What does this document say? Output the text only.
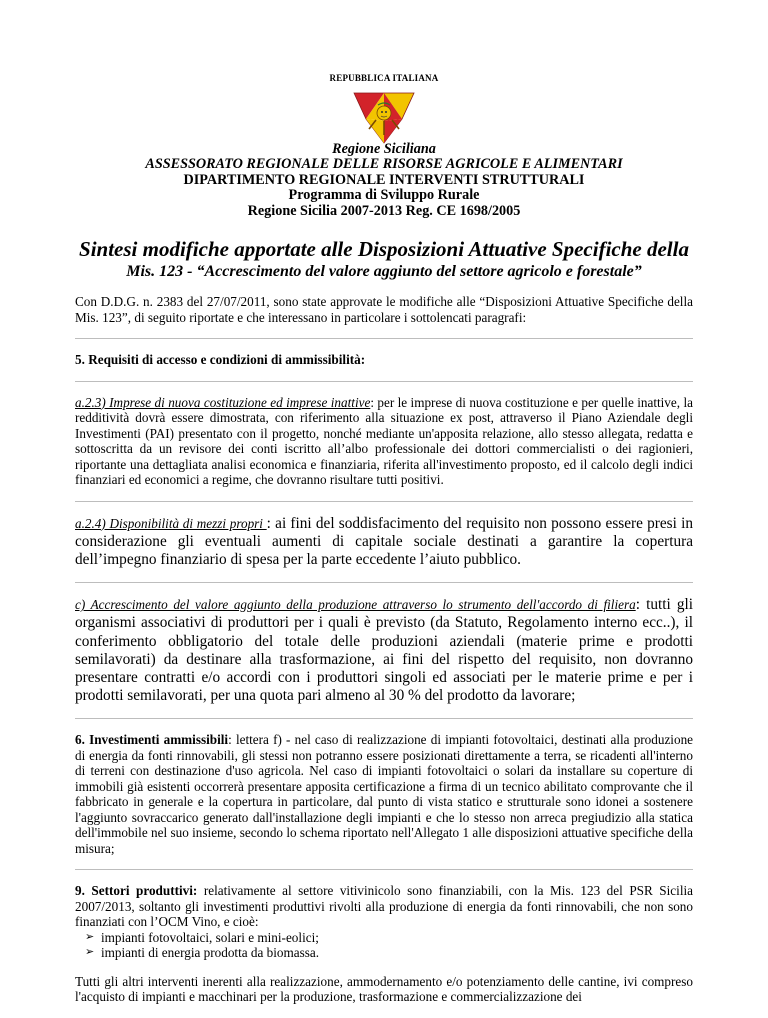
REPUBBLICA ITALIANA
Regione Siciliana
ASSESSORATO REGIONALE DELLE RISORSE AGRICOLE E ALIMENTARI
DIPARTIMENTO REGIONALE INTERVENTI STRUTTURALI
Programma di Sviluppo Rurale
Regione Sicilia 2007-2013 Reg. CE 1698/2005
Sintesi modifiche apportate alle Disposizioni Attuative Specifiche della
Mis. 123 - “Accrescimento del valore aggiunto del settore agricolo e forestale”

Con D.D.G. n. 2383 del 27/07/2011, sono state approvate le modifiche alle “Disposizioni Attuative Specifiche della Mis. 123”, di seguito riportate e che interessano in particolare i sottolencati paragrafi:

5. Requisiti di accesso e condizioni di ammissibilità:

a.2.3) Imprese di nuova costituzione ed imprese inattive: per le imprese di nuova costituzione e per quelle inattive, la redditività dovrà essere dimostrata, con riferimento alla situazione ex post, attraverso il Piano Aziendale degli Investimenti (PAI) presentato con il progetto, nonché mediante un'apposita relazione, allo stesso allegata, redatta e sottoscritta da un revisore dei conti iscritto all’albo professionale dei dottori commercialisti o dei ragionieri, riportante una dettagliata analisi economica e finanziaria, riferita all'investimento proposto, ed il calcolo degli indici finanziari ed economici a regime, che dovranno risultare tutti positivi.

a.2.4) Disponibilità di mezzi propri : ai fini del soddisfacimento del requisito non possono essere presi in considerazione gli eventuali aumenti di capitale sociale destinati a garantire la copertura dell’impegno finanziario di spesa per la parte eccedente l’aiuto pubblico.

c) Accrescimento del valore aggiunto della produzione attraverso lo strumento dell'accordo di filiera: tutti gli organismi associativi di produttori per i quali è previsto (da Statuto, Regolamento interno ecc..), il conferimento obbligatorio del totale delle produzioni aziendali (materie prime e prodotti semilavorati) da destinare alla trasformazione, ai fini del rispetto del requisito, non dovranno presentare contratti e/o accordi con i produttori singoli ed associati per le materie prime e per i prodotti semilavorati, per una quota pari almeno al 30 % del prodotto da lavorare;

6. Investimenti ammissibili: lettera f) - nel caso di realizzazione di impianti fotovoltaici, destinati alla produzione di energia da fonti rinnovabili, gli stessi non potranno essere posizionati direttamente a terra, se ricadenti all'interno di terreni con destinazione d'uso agricola. Nel caso di impianti fotovoltaici o solari da installare su coperture di immobili già esistenti occorrerà presentare apposita certificazione a firma di un tecnico abilitato comprovante che il fabbricato in generale e la copertura in particolare, dal punto di vista statico e strutturale sono idonei a sostenere l'aggiunto sovraccarico generato dall'installazione degli impianti e che lo stesso non arreca pregiudizio alla statica dell'immobile nel suo insieme, secondo lo schema riportato nell'Allegato 1 alle disposizioni attuative specifiche della misura;

9. Settori produttivi: relativamente al settore vitivinicolo sono finanziabili, con la Mis. 123 del PSR Sicilia 2007/2013, soltanto gli investimenti produttivi rivolti alla produzione di energia da fonti rinnovabili, che non sono finanziati con l’OCM Vino, e cioè:

➢ impianti fotovoltaici, solari e mini-eolici;
➢ impianti di energia prodotta da biomassa.

Tutti gli altri interventi inerenti alla realizzazione, ammodernamento e/o potenziamento delle cantine, ivi compreso l'acquisto di impianti e macchinari per la produzione, trasformazione e commercializzazione dei
